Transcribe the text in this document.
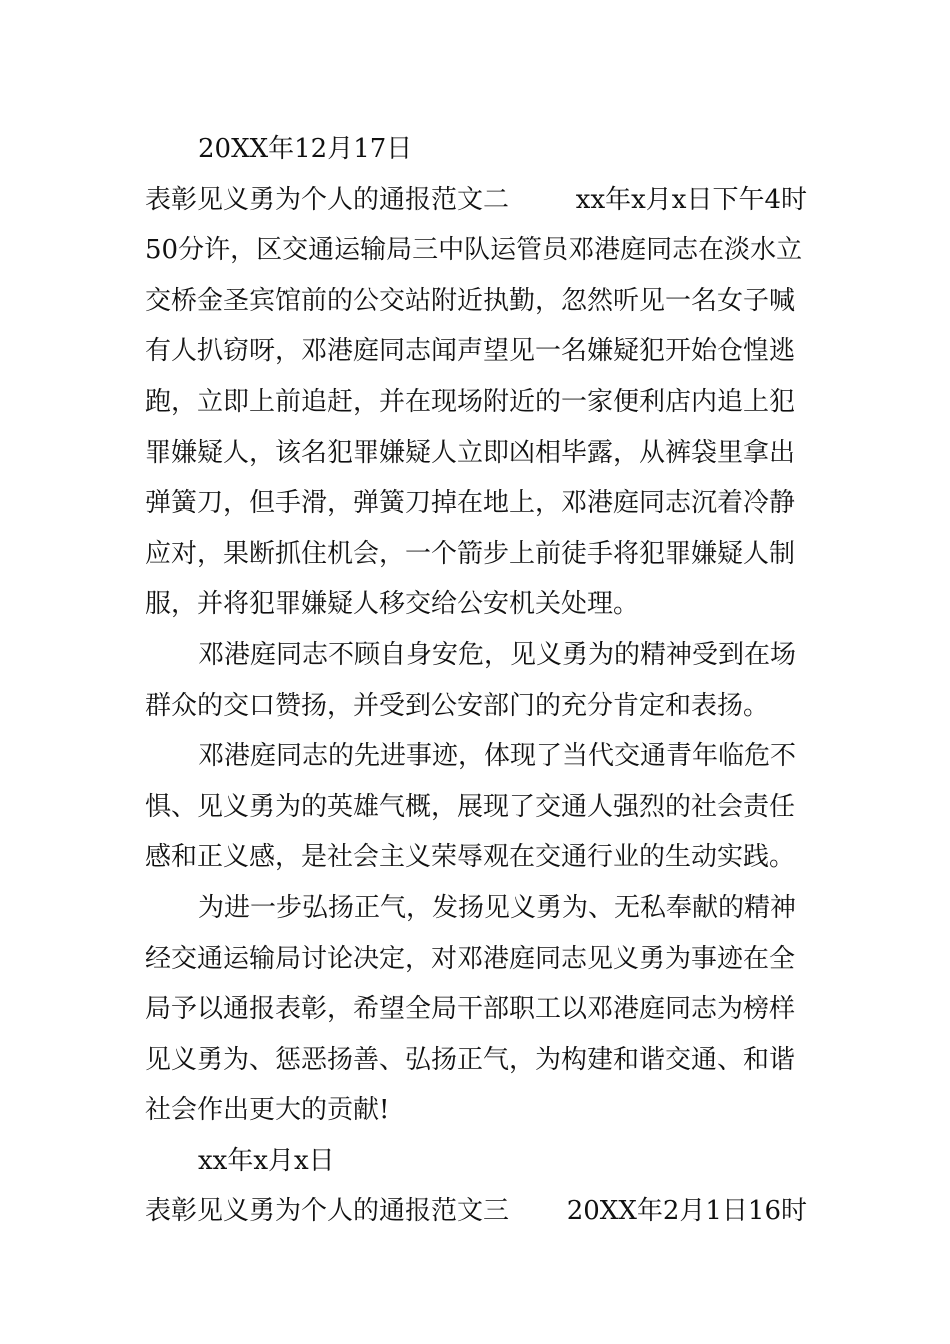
20XX年12月17日
表彰见义勇为个人的通报范文二	xx年x月x日下午4时
50分许，区交通运输局三中队运管员邓港庭同志在淡水立
交桥金圣宾馆前的公交站附近执勤，忽然听见一名女子喊
有人扒窃呀，邓港庭同志闻声望见一名嫌疑犯开始仓惶逃
跑，立即上前追赶，并在现场附近的一家便利店内追上犯
罪嫌疑人，该名犯罪嫌疑人立即凶相毕露，从裤袋里拿出
弹簧刀，但手滑，弹簧刀掉在地上，邓港庭同志沉着冷静
应对，果断抓住机会，一个箭步上前徒手将犯罪嫌疑人制
服，并将犯罪嫌疑人移交给公安机关处理。
邓港庭同志不顾自身安危，见义勇为的精神受到在场
群众的交口赞扬，并受到公安部门的充分肯定和表扬。
邓港庭同志的先进事迹，体现了当代交通青年临危不
惧、见义勇为的英雄气概，展现了交通人强烈的社会责任
感和正义感，是社会主义荣辱观在交通行业的生动实践。
为进一步弘扬正气，发扬见义勇为、无私奉献的精神
经交通运输局讨论决定，对邓港庭同志见义勇为事迹在全
局予以通报表彰，希望全局干部职工以邓港庭同志为榜样
见义勇为、惩恶扬善、弘扬正气，为构建和谐交通、和谐
社会作出更大的贡献!
xx年x月x日
表彰见义勇为个人的通报范文三 20XX年2月1日16时
